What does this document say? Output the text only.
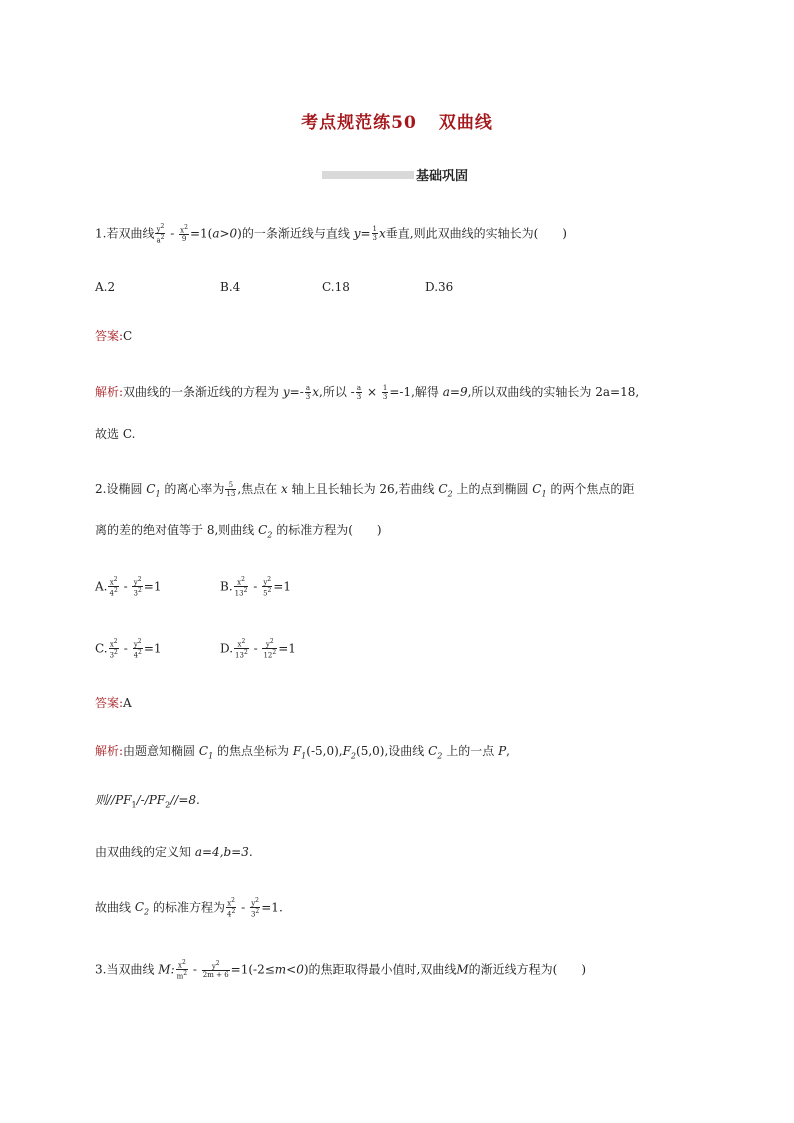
考点规范练50 双曲线
基础巩固
1.若双曲线 $\frac{y2}{a2} - \frac{x2}{9} =1(a>0)$的一条渐近线与直线 $y= \frac{1}{3}$ x垂直,则此双曲线的实轴长为(　　)
A.2	B.4	C.18	D.36
答案:C
解析:双曲线的一条渐近线的方程为 $y=- \frac{a}{3} x$,所以 - $\frac{a}{3} \times \frac{1}{3} =-1$,解得 a=9,所以双曲线的实轴长为 2a=18,
故选 C.
2.设椭圆 $C_1$ 的离心率为 $\frac{5}{13}$ ,焦点在 x 轴上且长轴长为 26,若曲线 $C_2$ 上的点到椭圆 $C_1$ 的两个焦点的距
离的差的绝对值等于 8,则曲线 $C_2$ 的标准方程为(　　)
A. $\frac{x2}{42} - \frac{y2}{32} =1$	B. $\frac{x2}{132} - \frac{y2}{52} =1$
C. $\frac{x2}{32} - \frac{y2}{42} =1$	D. $\frac{x2}{132} - \frac{y2}{122} =1$
答案:A
解析:由题意知椭圆 $C_1$ 的焦点坐标为 $F_1(-5,0),F_2(5,0)$,设曲线 $C_2$ 上的一点 P,
则$//PF_1/-/PF_2//=8$.
由双曲线的定义知 a=4,b=3.
故曲线 $C_2$ 的标准方程为 $\frac{x2}{42} - \frac{y2}{32} =1$.
3.当双曲线 M: $\frac{x2}{m2} - \frac{y2}{2m + 6} =1(-2\le m<0)$的焦距取得最小值时,双曲线M的渐近线方程为(　　)
